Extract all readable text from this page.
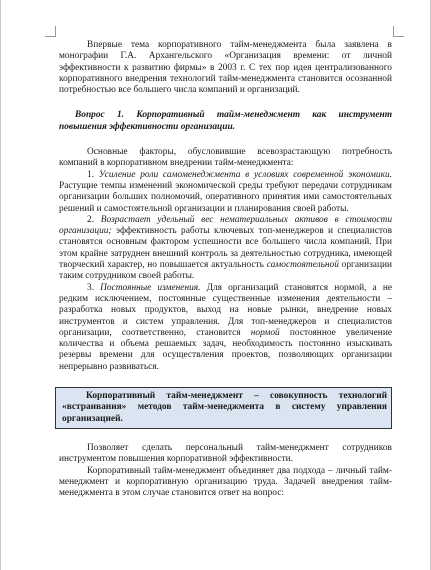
Впервые тема корпоративного тайм-менеджмента была заявлена в монографии Г.А. Архангельского «Организация времени: от личной эффективности к развитию фирмы» в 2003 г. С тех пор идея централизованного корпоративного внедрения технологий тайм-менеджмента становится осознанной потребностью все большего числа компаний и организаций.

Вопрос 1. Корпоративный тайм-менеджмент как инструмент повышения эффективности организации.

Основные факторы, обусловившие всевозрастающую потребность компаний в корпоративном внедрении тайм-менеджмента:

1. Усиление роли самоменеджмента в условиях современной экономики. Растущие темпы изменений экономической среды требуют передачи сотрудникам организации больших полномочий, оперативного принятия ими самостоятельных решений и самостоятельной организации и планирования своей работы.

2. Возрастает удельный вес нематериальных активов в стоимости организации; эффективность работы ключевых топ-менеджеров и специалистов становятся основным фактором успешности все большего числа компаний. При этом крайне затруднен внешний контроль за деятельностью сотрудника, имеющей творческий характер, но повышается актуальность самостоятельной организации таким сотрудником своей работы.

3. Постоянные изменения. Для организаций становятся нормой, а не редким исключением, постоянные существенные изменения деятельности – разработка новых продуктов, выход на новые рынки, внедрение новых инструментов и систем управления. Для топ-менеджеров и специалистов организации, соответственно, становится нормой постоянное увеличение количества и объема решаемых задач, необходимость постоянно изыскивать резервы времени для осуществления проектов, позволяющих организации непрерывно развиваться.

Корпоративный тайм-менеджмент – совокупность технологий «встраивания» методов тайм-менеджмента в систему управления организацией.

Позволяет сделать персональный тайм-менеджмент сотрудников инструментом повышения корпоративной эффективности.

Корпоративный тайм-менеджмент объединяет два подхода – личный тайм-менеджмент и корпоративную организацию труда. Задачей внедрения тайм-менеджмента в этом случае становится ответ на вопрос:
